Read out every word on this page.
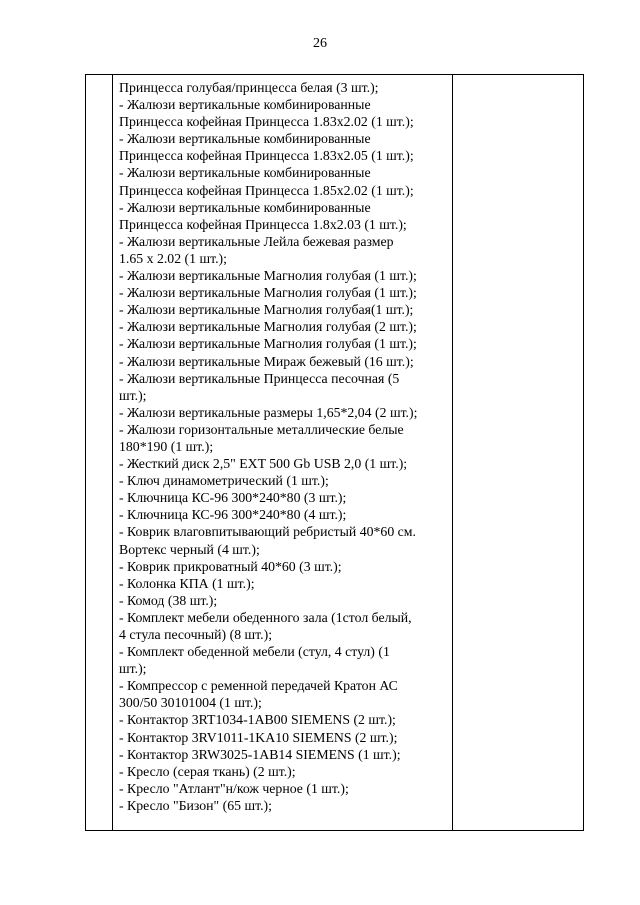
26
Принцесса голубая/принцесса белая (3 шт.);
- Жалюзи вертикальные комбинированные
Принцесса кофейная Принцесса 1.83х2.02 (1 шт.);
- Жалюзи вертикальные комбинированные
Принцесса кофейная Принцесса 1.83х2.05 (1 шт.);
- Жалюзи вертикальные комбинированные
Принцесса кофейная Принцесса 1.85х2.02 (1 шт.);
- Жалюзи вертикальные комбинированные
Принцесса кофейная Принцесса 1.8х2.03 (1 шт.);
- Жалюзи вертикальные Лейла бежевая размер
1.65 х 2.02 (1 шт.);
- Жалюзи вертикальные Магнолия голубая (1 шт.);
- Жалюзи вертикальные Магнолия голубая (1 шт.);
- Жалюзи вертикальные Магнолия голубая(1 шт.);
- Жалюзи вертикальные Магнолия голубая (2 шт.);
- Жалюзи вертикальные Магнолия голубая (1 шт.);
- Жалюзи вертикальные Мираж бежевый (16 шт.);
- Жалюзи вертикальные Принцесса песочная (5
шт.);
- Жалюзи вертикальные размеры 1,65*2,04 (2 шт.);
- Жалюзи горизонтальные металлические белые
180*190 (1 шт.);
- Жесткий диск 2,5" EXT 500 Gb USB 2,0 (1 шт.);
- Ключ динамометрический (1 шт.);
- Ключница КС-96 300*240*80 (3 шт.);
- Ключница КС-96 300*240*80 (4 шт.);
- Коврик влаговпитывающий ребристый 40*60 см.
Вортекс черный (4 шт.);
- Коврик прикроватный 40*60 (3 шт.);
- Колонка КПА (1 шт.);
- Комод (38 шт.);
- Комплект мебели обеденного зала (1стол белый,
4 стула песочный) (8 шт.);
- Комплект обеденной мебели (стул, 4 стул) (1
шт.);
- Компрессор с ременной передачей Кратон АС
300/50 30101004 (1 шт.);
- Контактор 3RT1034-1AB00 SIEMENS (2 шт.);
- Контактор 3RV1011-1KA10 SIEMENS (2 шт.);
- Контактор 3RW3025-1AB14 SIEMENS (1 шт.);
- Кресло (серая ткань) (2 шт.);
- Кресло "Атлант"н/кож черное (1 шт.);
- Кресло "Бизон" (65 шт.);
